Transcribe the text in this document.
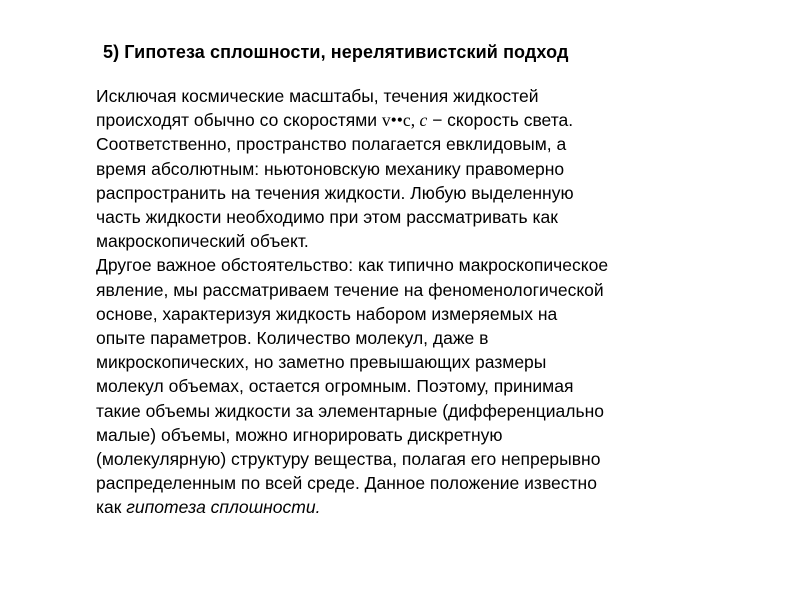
5) Гипотеза сплошности, нерелятивистский подход
Исключая космические масштабы, течения жидкостей
происходят обычно со скоростями v••c, c − скорость света.
Соответственно, пространство полагается евклидовым, а
время абсолютным: ньютоновскую механику правомерно
распространить на течения жидкости. Любую выделенную
часть жидкости необходимо при этом рассматривать как
макроскопический объект.
Другое важное обстоятельство: как типично макроскопическое
явление, мы рассматриваем течение на феноменологической
основе, характеризуя жидкость набором измеряемых на
опыте параметров. Количество молекул, даже в
микроскопических, но заметно превышающих размеры
молекул объемах, остается огромным. Поэтому, принимая
такие объемы жидкости за элементарные (дифференциально
малые) объемы, можно игнорировать дискретную
(молекулярную) структуру вещества, полагая его непрерывно
распределенным по всей среде. Данное положение известно
как гипотеза сплошности.
